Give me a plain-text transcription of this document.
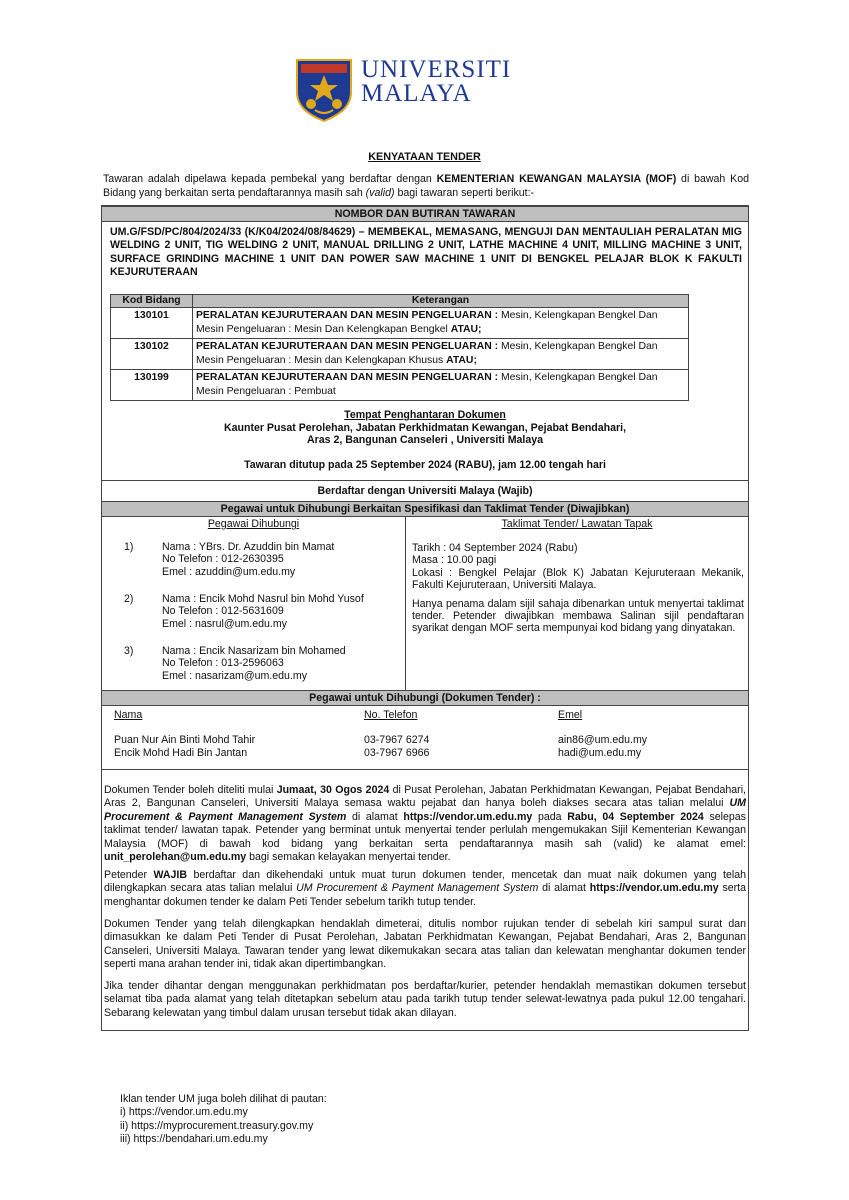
UNIVERSITI
MALAYA
KENYATAAN TENDER
Tawaran adalah dipelawa kepada pembekal yang berdaftar dengan KEMENTERIAN KEWANGAN MALAYSIA (MOF) di bawah Kod Bidang yang berkaitan serta pendaftarannya masih sah (valid) bagi tawaran seperti berikut:-
NOMBOR DAN BUTIRAN TAWARAN
UM.G/FSD/PC/804/2024/33 (K/K04/2024/08/84629) – MEMBEKAL, MEMASANG, MENGUJI DAN MENTAULIAH PERALATAN MIG WELDING 2 UNIT, TIG WELDING 2 UNIT, MANUAL DRILLING 2 UNIT, LATHE MACHINE 4 UNIT, MILLING MACHINE 3 UNIT, SURFACE GRINDING MACHINE 1 UNIT DAN POWER SAW MACHINE 1 UNIT DI BENGKEL PELAJAR BLOK K FAKULTI KEJURUTERAAN
Kod Bidang	Keterangan
130101	PERALATAN KEJURUTERAAN DAN MESIN PENGELUARAN : Mesin, Kelengkapan Bengkel Dan Mesin Pengeluaran : Mesin Dan Kelengkapan Bengkel ATAU;
130102	PERALATAN KEJURUTERAAN DAN MESIN PENGELUARAN : Mesin, Kelengkapan Bengkel Dan Mesin Pengeluaran : Mesin dan Kelengkapan Khusus ATAU;
130199	PERALATAN KEJURUTERAAN DAN MESIN PENGELUARAN : Mesin, Kelengkapan Bengkel Dan Mesin Pengeluaran : Pembuat
Tempat Penghantaran Dokumen
Kaunter Pusat Perolehan, Jabatan Perkhidmatan Kewangan, Pejabat Bendahari,
Aras 2, Bangunan Canseleri , Universiti Malaya
Tawaran ditutup pada 25 September 2024 (RABU), jam 12.00 tengah hari
Berdaftar dengan Universiti Malaya (Wajib)
Pegawai untuk Dihubungi Berkaitan Spesifikasi dan Taklimat Tender (Diwajibkan)
Pegawai Dihubungi	Taklimat Tender/ Lawatan Tapak
1)	Nama : YBrs. Dr. Azuddin bin Mamat
No Telefon : 012-2630395
Emel : azuddin@um.edu.my
2)	Nama : Encik Mohd Nasrul bin Mohd Yusof
No Telefon : 012-5631609
Emel : nasrul@um.edu.my
3)	Nama : Encik Nasarizam bin Mohamed
No Telefon : 013-2596063
Emel : nasarizam@um.edu.my
Tarikh : 04 September 2024 (Rabu)
Masa : 10.00 pagi

Lokasi : Bengkel Pelajar (Blok K) Jabatan Kejuruteraan Mekanik, Fakulti Kejuruteraan, Universiti Malaya.

Hanya penama dalam sijil sahaja dibenarkan untuk menyertai taklimat tender. Petender diwajibkan membawa Salinan sijil pendaftaran syarikat dengan MOF serta mempunyai kod bidang yang dinyatakan.

Pegawai untuk Dihubungi (Dokumen Tender) :
Nama	No. Telefon	Emel
Puan Nur Ain Binti Mohd Tahir	03-7967 6274	ain86@um.edu.my
Encik Mohd Hadi Bin Jantan	03-7967 6966	hadi@um.edu.my
Dokumen Tender boleh diteliti mulai Jumaat, 30 Ogos 2024 di Pusat Perolehan, Jabatan Perkhidmatan Kewangan, Pejabat Bendahari, Aras 2, Bangunan Canseleri, Universiti Malaya semasa waktu pejabat dan hanya boleh diakses secara atas talian melalui UM Procurement & Payment Management System di alamat https://vendor.um.edu.my pada Rabu, 04 September 2024 selepas taklimat tender/ lawatan tapak. Petender yang berminat untuk menyertai tender perlulah mengemukakan Sijil Kementerian Kewangan Malaysia (MOF) di bawah kod bidang yang berkaitan serta pendaftarannya masih sah (valid) ke alamat emel: unit_perolehan@um.edu.my bagi semakan kelayakan menyertai tender.
Petender WAJIB berdaftar dan dikehendaki untuk muat turun dokumen tender, mencetak dan muat naik dokumen yang telah dilengkapkan secara atas talian melalui UM Procurement & Payment Management System di alamat https://vendor.um.edu.my serta menghantar dokumen tender ke dalam Peti Tender sebelum tarikh tutup tender.
Dokumen Tender yang telah dilengkapkan hendaklah dimeterai, ditulis nombor rujukan tender di sebelah kiri sampul surat dan dimasukkan ke dalam Peti Tender di Pusat Perolehan, Jabatan Perkhidmatan Kewangan, Pejabat Bendahari, Aras 2, Bangunan Canseleri, Universiti Malaya. Tawaran tender yang lewat dikemukakan secara atas talian dan kelewatan menghantar dokumen tender seperti mana arahan tender ini, tidak akan dipertimbangkan.
Jika tender dihantar dengan menggunakan perkhidmatan pos berdaftar/kurier, petender hendaklah memastikan dokumen tersebut selamat tiba pada alamat yang telah ditetapkan sebelum atau pada tarikh tutup tender selewat-lewatnya pada pukul 12.00 tengahari. Sebarang kelewatan yang timbul dalam urusan tersebut tidak akan dilayan.
Iklan tender UM juga boleh dilihat di pautan:
i) https://vendor.um.edu.my
ii) https://myprocurement.treasury.gov.my
iii) https://bendahari.um.edu.my
